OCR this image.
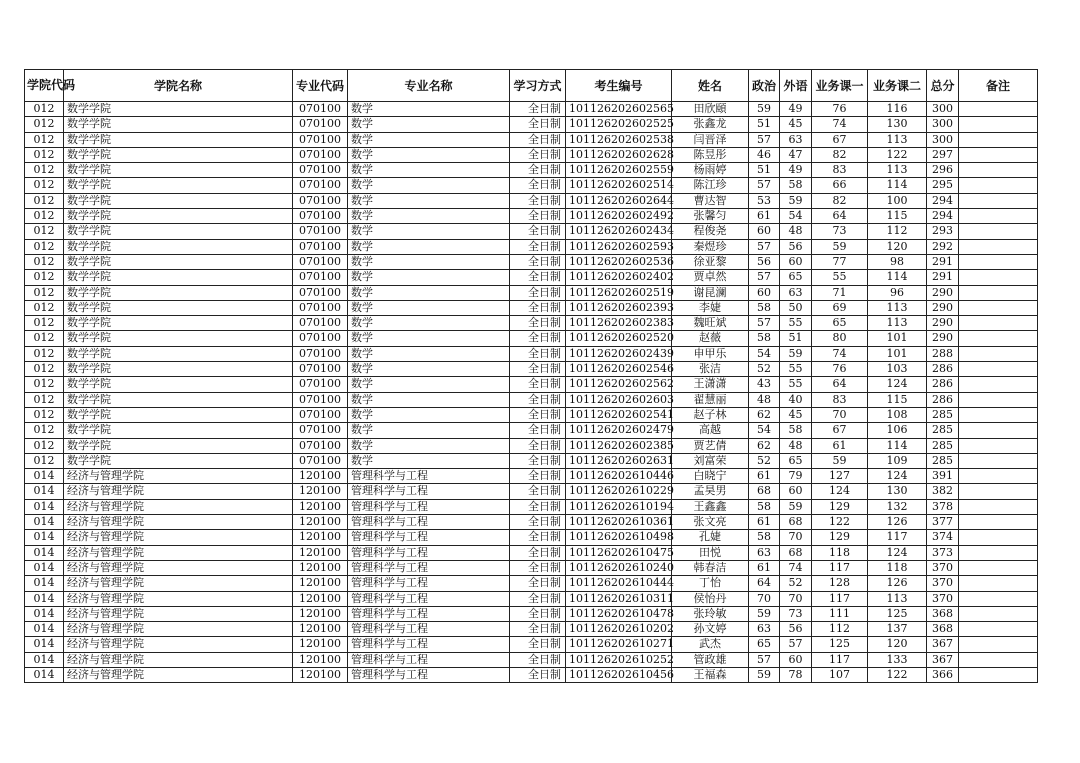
学院代码	学院名称	专业代码	专业名称	学习方式	考生编号	姓名	政治	外语	业务课一	业务课二	总分	备注
012	数学学院	070100	数学	全日制	101126202602565	田欣頤	59	49	76	116	300	
012	数学学院	070100	数学	全日制	101126202602525	张鑫龙	51	45	74	130	300	
012	数学学院	070100	数学	全日制	101126202602538	闫晋泽	57	63	67	113	300	
012	数学学院	070100	数学	全日制	101126202602628	陈昱彤	46	47	82	122	297	
012	数学学院	070100	数学	全日制	101126202602559	杨雨婷	51	49	83	113	296	
012	数学学院	070100	数学	全日制	101126202602514	陈江珍	57	58	66	114	295	
012	数学学院	070100	数学	全日制	101126202602644	曹达智	53	59	82	100	294	
012	数学学院	070100	数学	全日制	101126202602492	张馨匀	61	54	64	115	294	
012	数学学院	070100	数学	全日制	101126202602434	程俊尧	60	48	73	112	293	
012	数学学院	070100	数学	全日制	101126202602593	秦煜珍	57	56	59	120	292	
012	数学学院	070100	数学	全日制	101126202602536	徐亚黎	56	60	77	98	291	
012	数学学院	070100	数学	全日制	101126202602402	贾卓然	57	65	55	114	291	
012	数学学院	070100	数学	全日制	101126202602519	谢昆澜	60	63	71	96	290	
012	数学学院	070100	数学	全日制	101126202602393	李婕	58	50	69	113	290	
012	数学学院	070100	数学	全日制	101126202602383	魏旺斌	57	55	65	113	290	
012	数学学院	070100	数学	全日制	101126202602520	赵薇	58	51	80	101	290	
012	数学学院	070100	数学	全日制	101126202602439	申甲乐	54	59	74	101	288	
012	数学学院	070100	数学	全日制	101126202602546	张洁	52	55	76	103	286	
012	数学学院	070100	数学	全日制	101126202602562	王潇潇	43	55	64	124	286	
012	数学学院	070100	数学	全日制	101126202602603	翟慧丽	48	40	83	115	286	
012	数学学院	070100	数学	全日制	101126202602541	赵子林	62	45	70	108	285	
012	数学学院	070100	数学	全日制	101126202602479	高越	54	58	67	106	285	
012	数学学院	070100	数学	全日制	101126202602385	贾艺倩	62	48	61	114	285	
012	数学学院	070100	数学	全日制	101126202602631	刘富荣	52	65	59	109	285	
014	经济与管理学院	120100	管理科学与工程	全日制	101126202610446	白晓宁	61	79	127	124	391	
014	经济与管理学院	120100	管理科学与工程	全日制	101126202610229	孟昊男	68	60	124	130	382	
014	经济与管理学院	120100	管理科学与工程	全日制	101126202610194	王鑫鑫	58	59	129	132	378	
014	经济与管理学院	120100	管理科学与工程	全日制	101126202610361	张文亮	61	68	122	126	377	
014	经济与管理学院	120100	管理科学与工程	全日制	101126202610498	孔婕	58	70	129	117	374	
014	经济与管理学院	120100	管理科学与工程	全日制	101126202610475	田悦	63	68	118	124	373	
014	经济与管理学院	120100	管理科学与工程	全日制	101126202610240	韩春洁	61	74	117	118	370	
014	经济与管理学院	120100	管理科学与工程	全日制	101126202610444	丁怡	64	52	128	126	370	
014	经济与管理学院	120100	管理科学与工程	全日制	101126202610311	侯怡丹	70	70	117	113	370	
014	经济与管理学院	120100	管理科学与工程	全日制	101126202610478	张玲敏	59	73	111	125	368	
014	经济与管理学院	120100	管理科学与工程	全日制	101126202610202	孙文婷	63	56	112	137	368	
014	经济与管理学院	120100	管理科学与工程	全日制	101126202610271	武杰	65	57	125	120	367	
014	经济与管理学院	120100	管理科学与工程	全日制	101126202610252	管政雄	57	60	117	133	367	
014	经济与管理学院	120100	管理科学与工程	全日制	101126202610456	王福森	59	78	107	122	366	
